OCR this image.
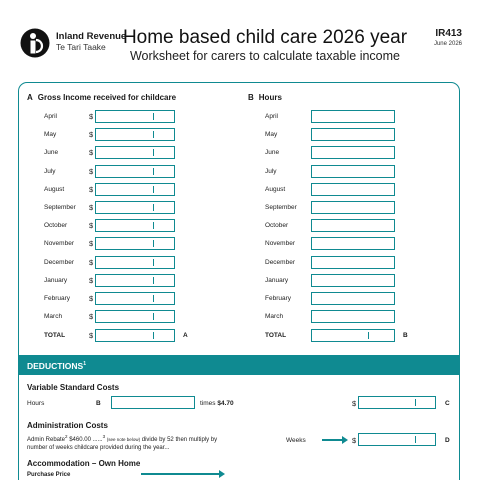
Inland Revenue
Te Tari Taake Home based child care 2026 year
Worksheet for carers to calculate taxable income
IR413
June 2026
A Gross Income received for childcare	B Hours
April	$	April
May	$	May
June	$	June
July	$	July
August	$	August
September $	September
October	$	October
November $	November
December $	December
January	$	January
February	$	February
March	$	March
TOTAL	$	A	TOTAL	B
DEDUCTIONS$^1$
Variable Standard Costs
Hours	B	times $4.70	$	C
Administration Costs
Admin Rebate$^2$ $460.00 ......$^3$ (see note below) divide by 52 then multiply by
number of weeks childcare provided during the year...
Weeks	$	D
Accommodation – Own Home
Purchase Price
